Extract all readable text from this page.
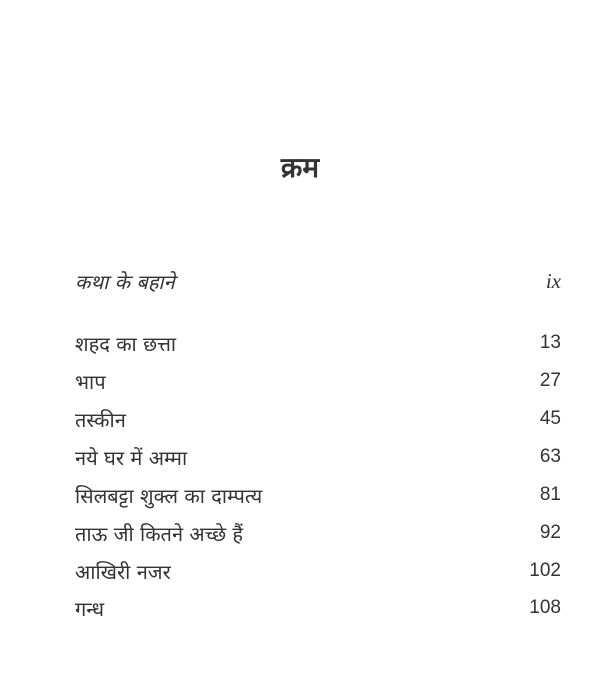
क्रम
कथा के बहाने	ix
शहद का छत्ता	13
भाप	27
तस्कीन	45
नये घर में अम्मा	63
सिलबट्टा शुक्ल का दाम्पत्य	81
ताऊ जी कितने अच्छे हैं	92
आखिरी नजर	102
गन्ध	108
